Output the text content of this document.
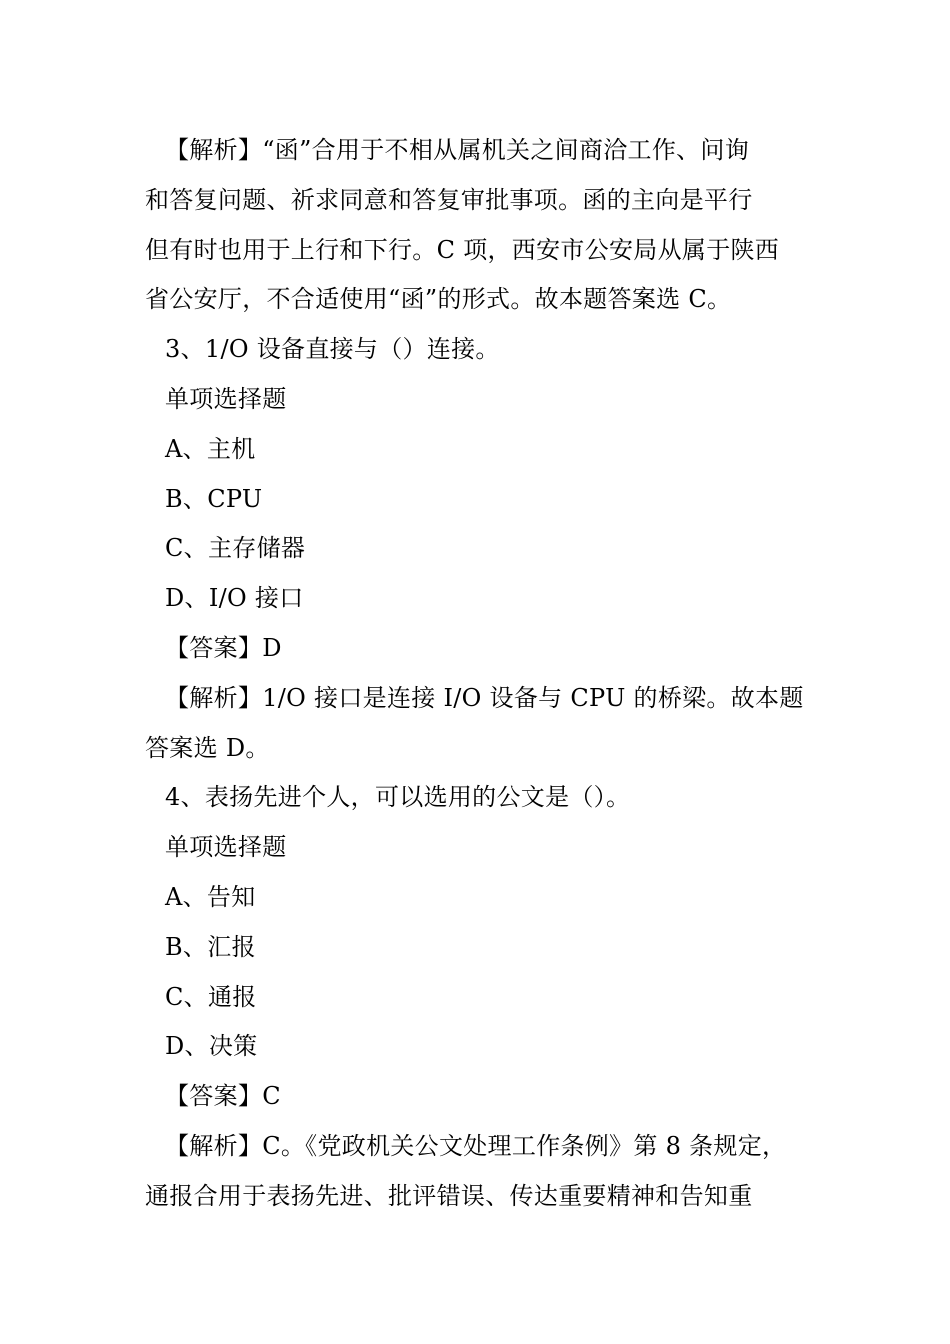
【解析】“函”合用于不相从属机关之间商洽工作、问询
和答复问题、祈求同意和答复审批事项。函的主向是平行
但有时也用于上行和下行。C 项，西安市公安局从属于陕西
省公安厅，不合适使用“函”的形式。故本题答案选 C。
3、1/O 设备直接与（）连接。
单项选择题
A、主机
B、CPU
C、主存储器
D、I/O 接口
【答案】D
【解析】1/O 接口是连接 I/O 设备与 CPU 的桥梁。故本题
答案选 D。
4、表扬先进个人，可以选用的公文是（）。
单项选择题
A、告知
B、汇报
C、通报
D、决策
【答案】C
【解析】C。《党政机关公文处理工作条例》第 8 条规定，
通报合用于表扬先进、批评错误、传达重要精神和告知重
